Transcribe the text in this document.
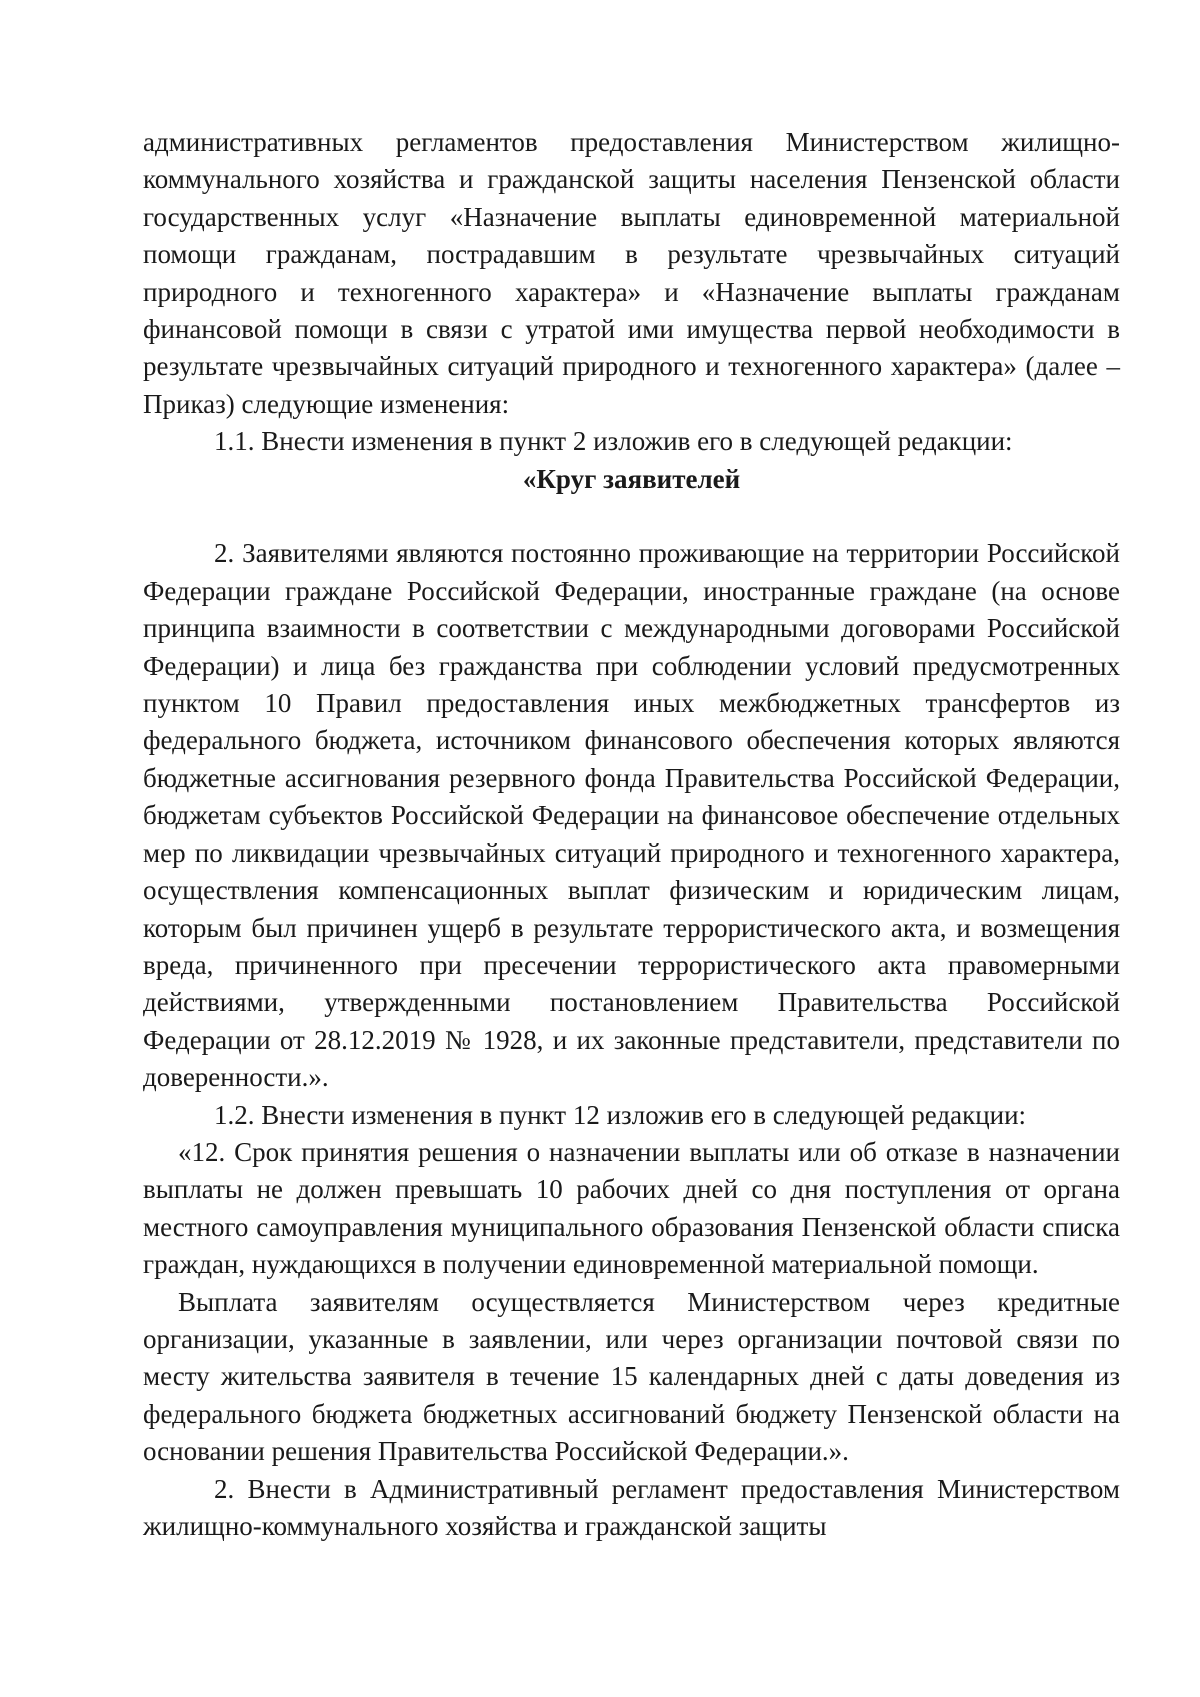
административных регламентов предоставления Министерством жилищно-коммунального хозяйства и гражданской защиты населения Пензенской области государственных услуг «Назначение выплаты единовременной материальной помощи гражданам, пострадавшим в результате чрезвычайных ситуаций природного и техногенного характера» и «Назначение выплаты гражданам финансовой помощи в связи с утратой ими имущества первой необходимости в результате чрезвычайных ситуаций природного и техногенного характера» (далее – Приказ) следующие изменения:

1.1. Внести изменения в пункт 2 изложив его в следующей редакции:

«Круг заявителей

2. Заявителями являются постоянно проживающие на территории Российской Федерации граждане Российской Федерации, иностранные граждане (на основе принципа взаимности в соответствии с международными договорами Российской Федерации) и лица без гражданства при соблюдении условий предусмотренных пунктом 10 Правил предоставления иных межбюджетных трансфертов из федерального бюджета, источником финансового обеспечения которых являются бюджетные ассигнования резервного фонда Правительства Российской Федерации, бюджетам субъектов Российской Федерации на финансовое обеспечение отдельных мер по ликвидации чрезвычайных ситуаций природного и техногенного характера, осуществления компенсационных выплат физическим и юридическим лицам, которым был причинен ущерб в результате террористического акта, и возмещения вреда, причиненного при пресечении террористического акта правомерными действиями, утвержденными постановлением Правительства Российской Федерации от 28.12.2019 № 1928, и их законные представители, представители по доверенности.».

1.2. Внести изменения в пункт 12 изложив его в следующей редакции:

«12. Срок принятия решения о назначении выплаты или об отказе в назначении выплаты не должен превышать 10 рабочих дней со дня поступления от органа местного самоуправления муниципального образования Пензенской области списка граждан, нуждающихся в получении единовременной материальной помощи.

Выплата заявителям осуществляется Министерством через кредитные организации, указанные в заявлении, или через организации почтовой связи по месту жительства заявителя в течение 15 календарных дней с даты доведения из федерального бюджета бюджетных ассигнований бюджету Пензенской области на основании решения Правительства Российской Федерации.».

2. Внести в Административный регламент предоставления Министерством жилищно-коммунального хозяйства и гражданской защиты
